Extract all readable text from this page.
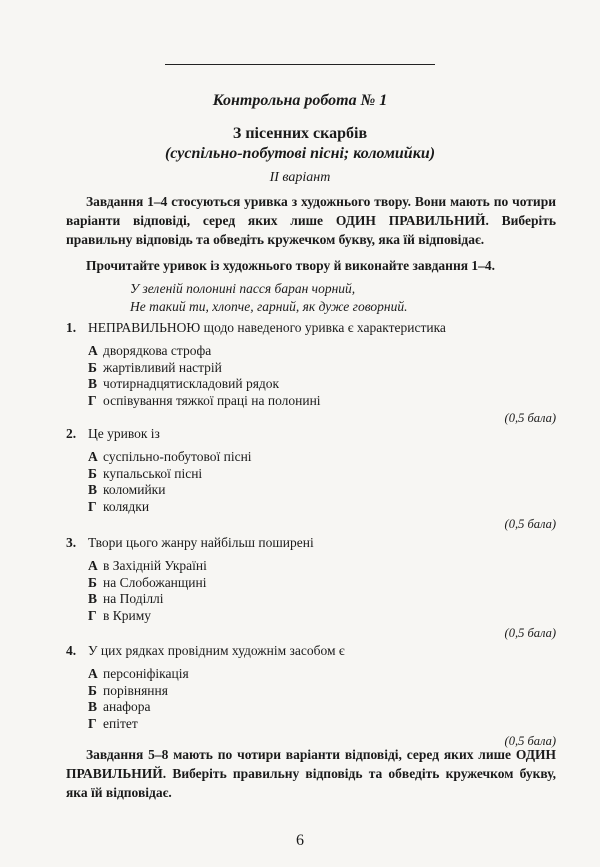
Контрольна робота № 1
З пісенних скарбів
(суспільно-побутові пісні; коломийки)
ІІ варіант
Завдання 1–4 стосуються уривка з художнього твору. Вони мають по чотири варіанти відповіді, серед яких лише ОДИН ПРАВИЛЬНИЙ. Виберіть правильну відповідь та обведіть кружечком букву, яка їй відповідає.
Прочитайте уривок із художнього твору й виконайте завдання 1–4.
У зеленій полонині пасся баран чорний,
Не такий ти, хлопче, гарний, як дуже говорний.
1. НЕПРАВИЛЬНОЮ щодо наведеного уривка є характеристика
А дворядкова строфа
Б жартівливий настрій
В чотирнадцятискладовий рядок
Г оспівування тяжкої праці на полонині
(0,5 бала)
2. Це уривок із
А суспільно-побутової пісні
Б купальської пісні
В коломийки
Г колядки
(0,5 бала)
3. Твори цього жанру найбільш поширені
А в Західній Україні
Б на Слобожанщині
В на Поділлі
Г в Криму
(0,5 бала)
4. У цих рядках провідним художнім засобом є
А персоніфікація
Б порівняння
В анафора
Г епітет
(0,5 бала)
Завдання 5–8 мають по чотири варіанти відповіді, серед яких лише ОДИН ПРАВИЛЬНИЙ. Виберіть правильну відповідь та обведіть кружечком букву, яка їй відповідає.
6
